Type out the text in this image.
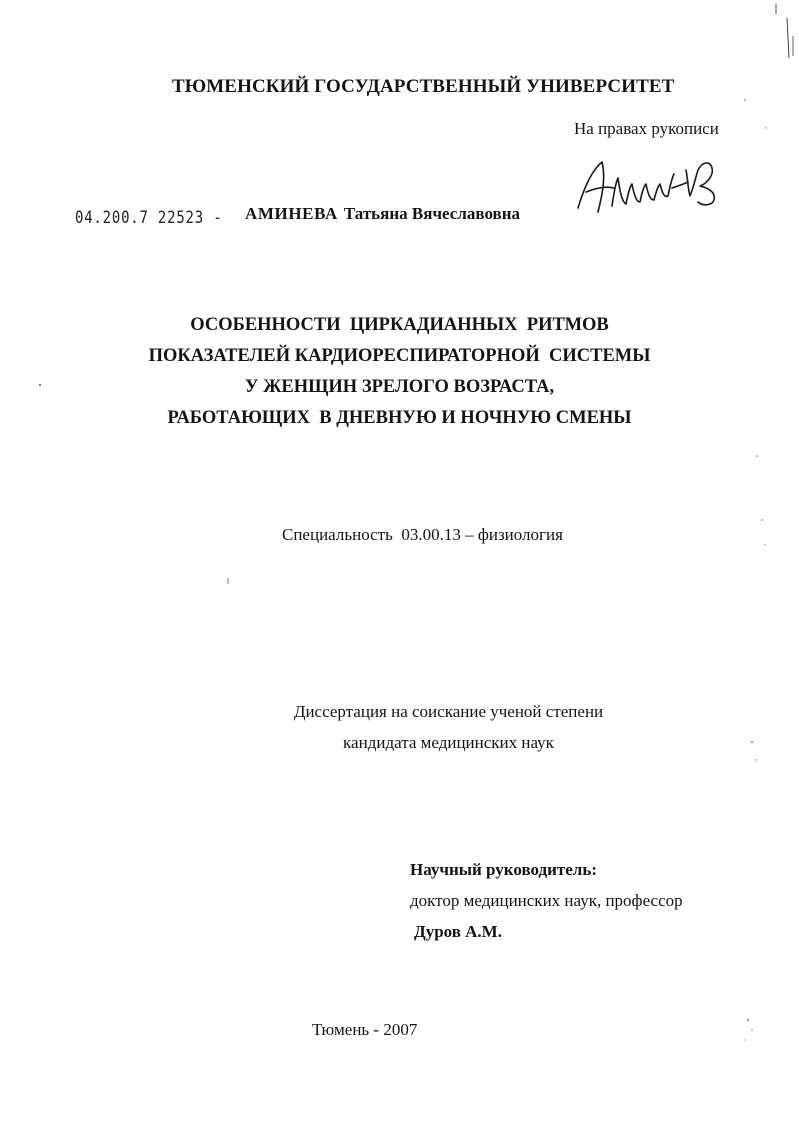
ТЮМЕНСКИЙ ГОСУДАРСТВЕННЫЙ УНИВЕРСИТЕТ
На правах рукописи
04.200.7 22523 - АМИНЕВА Татьяна Вячеславовна
ОСОБЕННОСТИ  ЦИРКАДИАННЫХ  РИТМОВ
ПОКАЗАТЕЛЕЙ КАРДИОРЕСПИРАТОРНОЙ  СИСТЕМЫ
У ЖЕНЩИН ЗРЕЛОГО ВОЗРАСТА,
РАБОТАЮЩИХ  В ДНЕВНУЮ И НОЧНУЮ СМЕНЫ
Специальность  03.00.13 – физиология
Диссертация на соискание ученой степени
кандидата медицинских наук
Научный руководитель:
доктор медицинских наук, профессор
Дуров А.М.
Тюмень - 2007
